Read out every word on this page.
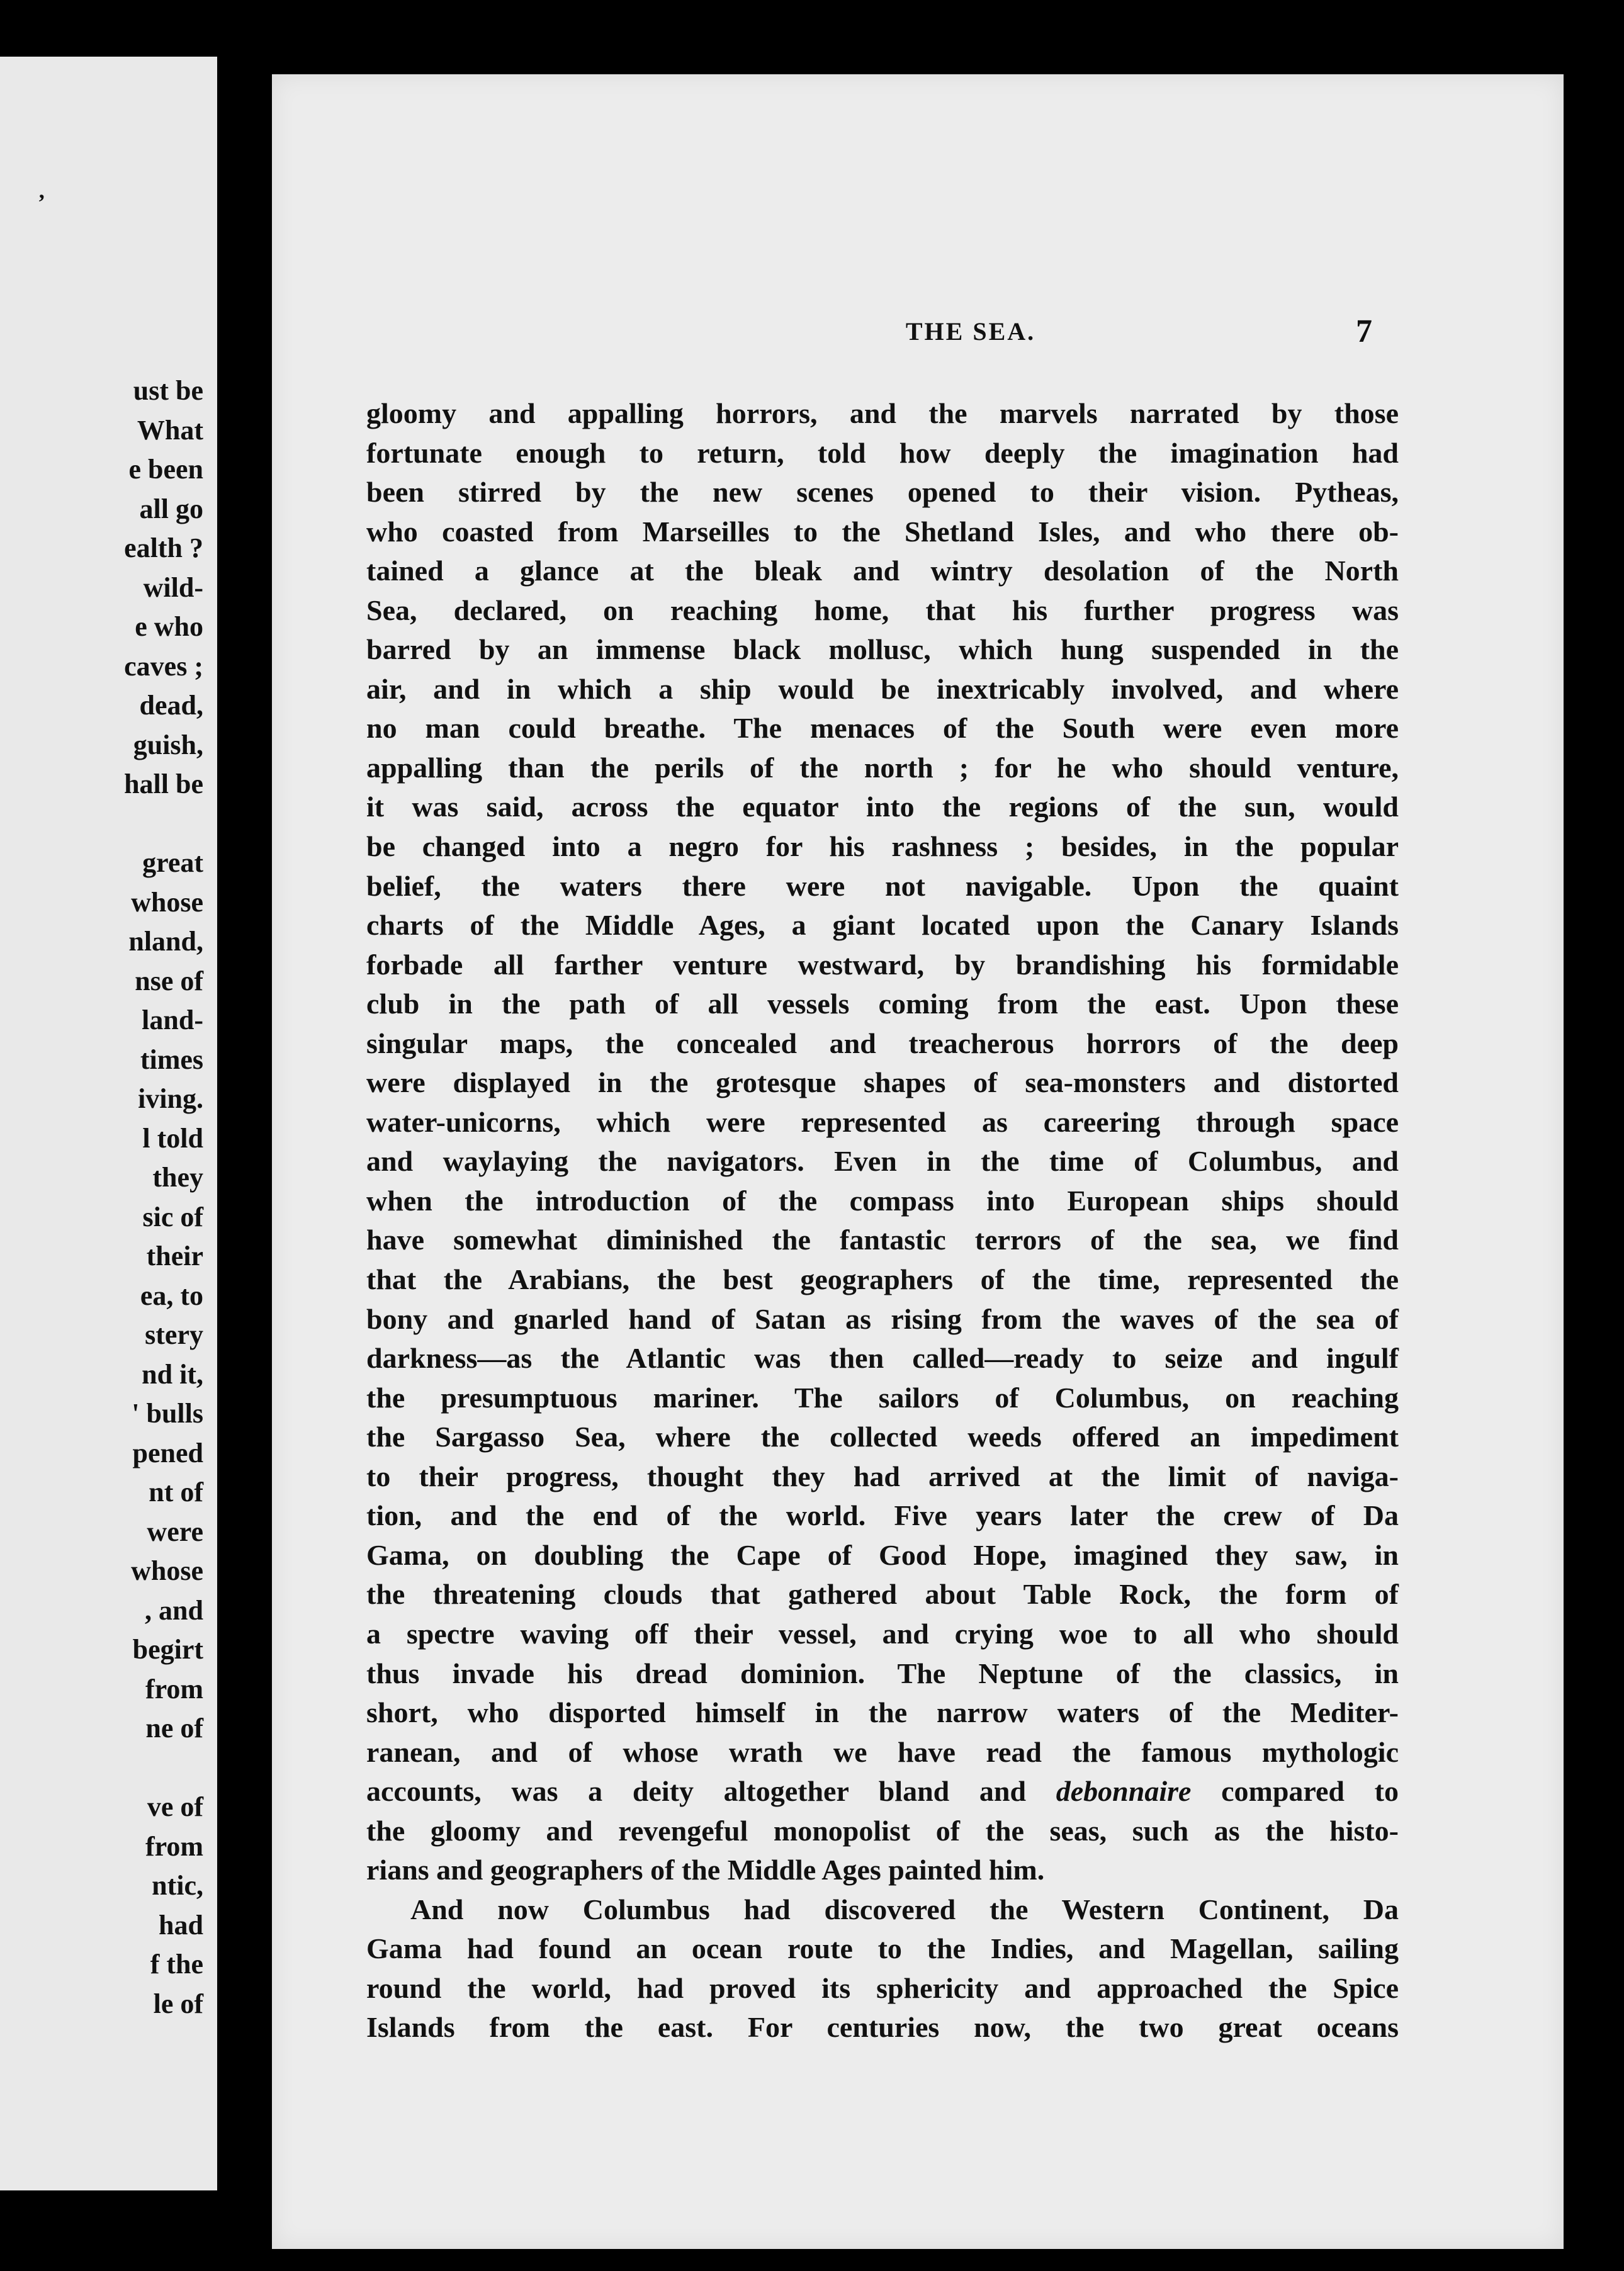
’
ust be
What
e been
all go
ealth ?
wild-
e who
caves ;
dead,
guish,
hall be
great
whose
nland,
nse of
land-
times
iving.
l told
they
sic of
their
ea, to
stery
nd it,
' bulls
pened
nt of
were
whose
, and
begirt
from
ne of
ve of
from
ntic,
had
f the
le of
THE SEA.	7
gloomy and appalling horrors, and the marvels narrated by those
fortunate enough to return, told how deeply the imagination had
been stirred by the new scenes opened to their vision. Pytheas,
who coasted from Marseilles to the Shetland Isles, and who there ob-
tained a glance at the bleak and wintry desolation of the North
Sea, declared, on reaching home, that his further progress was
barred by an immense black mollusc, which hung suspended in the
air, and in which a ship would be inextricably involved, and where
no man could breathe. The menaces of the South were even more
appalling than the perils of the north ; for he who should venture,
it was said, across the equator into the regions of the sun, would
be changed into a negro for his rashness ; besides, in the popular
belief, the waters there were not navigable. Upon the quaint
charts of the Middle Ages, a giant located upon the Canary Islands
forbade all farther venture westward, by brandishing his formidable
club in the path of all vessels coming from the east. Upon these
singular maps, the concealed and treacherous horrors of the deep
were displayed in the grotesque shapes of sea-monsters and distorted
water-unicorns, which were represented as careering through space
and waylaying the navigators. Even in the time of Columbus, and
when the introduction of the compass into European ships should
have somewhat diminished the fantastic terrors of the sea, we find
that the Arabians, the best geographers of the time, represented the
bony and gnarled hand of Satan as rising from the waves of the sea of
darkness—as the Atlantic was then called—ready to seize and ingulf
the presumptuous mariner. The sailors of Columbus, on reaching
the Sargasso Sea, where the collected weeds offered an impediment
to their progress, thought they had arrived at the limit of naviga-
tion, and the end of the world. Five years later the crew of Da
Gama, on doubling the Cape of Good Hope, imagined they saw, in
the threatening clouds that gathered about Table Rock, the form of
a spectre waving off their vessel, and crying woe to all who should
thus invade his dread dominion. The Neptune of the classics, in
short, who disported himself in the narrow waters of the Mediter-
ranean, and of whose wrath we have read the famous mythologic
accounts, was a deity altogether bland and debonnaire compared to
the gloomy and revengeful monopolist of the seas, such as the histo-
rians and geographers of the Middle Ages painted him.
And now Columbus had discovered the Western Continent, Da
Gama had found an ocean route to the Indies, and Magellan, sailing
round the world, had proved its sphericity and approached the Spice
Islands from the east. For centuries now, the two great oceans
